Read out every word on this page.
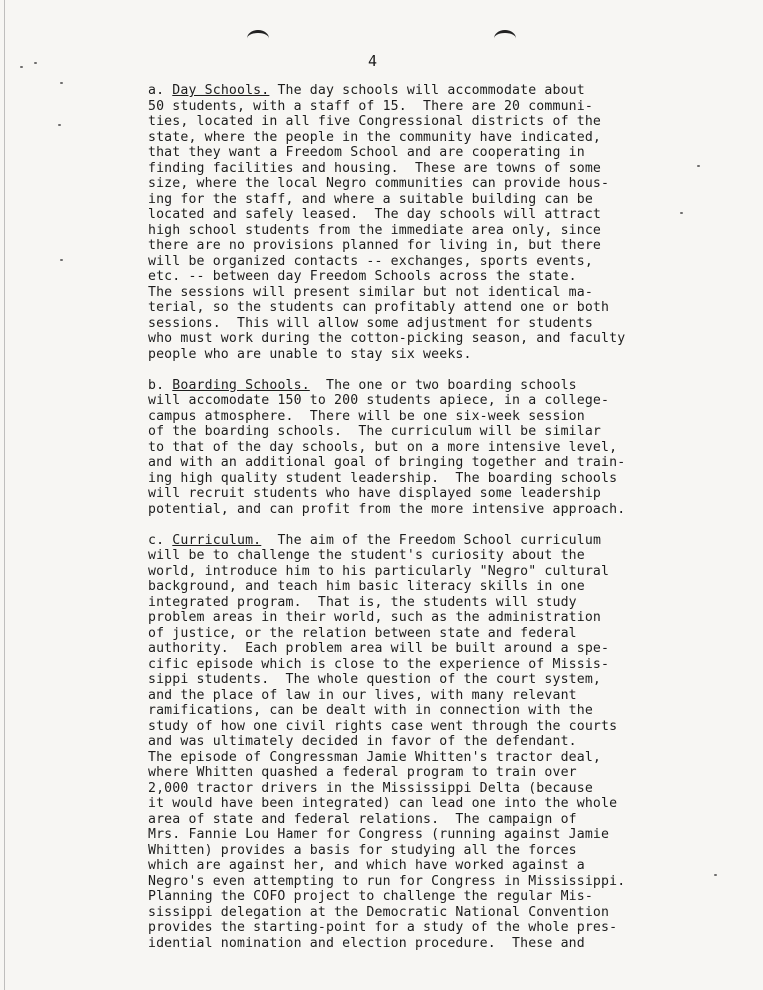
4
a. Day Schools. The day schools will accommodate about
50 students, with a staff of 15.  There are 20 communi-
ties, located in all five Congressional districts of the
state, where the people in the community have indicated,
that they want a Freedom School and are cooperating in
finding facilities and housing.  These are towns of some
size, where the local Negro communities can provide hous-
ing for the staff, and where a suitable building can be
located and safely leased.  The day schools will attract
high school students from the immediate area only, since
there are no provisions planned for living in, but there
will be organized contacts -- exchanges, sports events,
etc. -- between day Freedom Schools across the state.
The sessions will present similar but not identical ma-
terial, so the students can profitably attend one or both
sessions.  This will allow some adjustment for students
who must work during the cotton-picking season, and faculty
people who are unable to stay six weeks.
b. Boarding Schools.  The one or two boarding schools
will accomodate 150 to 200 students apiece, in a college-
campus atmosphere.  There will be one six-week session
of the boarding schools.  The curriculum will be similar
to that of the day schools, but on a more intensive level,
and with an additional goal of bringing together and train-
ing high quality student leadership.  The boarding schools
will recruit students who have displayed some leadership
potential, and can profit from the more intensive approach.
c. Curriculum.  The aim of the Freedom School curriculum
will be to challenge the student's curiosity about the
world, introduce him to his particularly "Negro" cultural
background, and teach him basic literacy skills in one
integrated program.  That is, the students will study
problem areas in their world, such as the administration
of justice, or the relation between state and federal
authority.  Each problem area will be built around a spe-
cific episode which is close to the experience of Missis-
sippi students.  The whole question of the court system,
and the place of law in our lives, with many relevant
ramifications, can be dealt with in connection with the
study of how one civil rights case went through the courts
and was ultimately decided in favor of the defendant.
The episode of Congressman Jamie Whitten's tractor deal,
where Whitten quashed a federal program to train over
2,000 tractor drivers in the Mississippi Delta (because
it would have been integrated) can lead one into the whole
area of state and federal relations.  The campaign of
Mrs. Fannie Lou Hamer for Congress (running against Jamie
Whitten) provides a basis for studying all the forces
which are against her, and which have worked against a
Negro's even attempting to run for Congress in Mississippi.
Planning the COFO project to challenge the regular Mis-
sissippi delegation at the Democratic National Convention
provides the starting-point for a study of the whole pres-
idential nomination and election procedure.  These and
